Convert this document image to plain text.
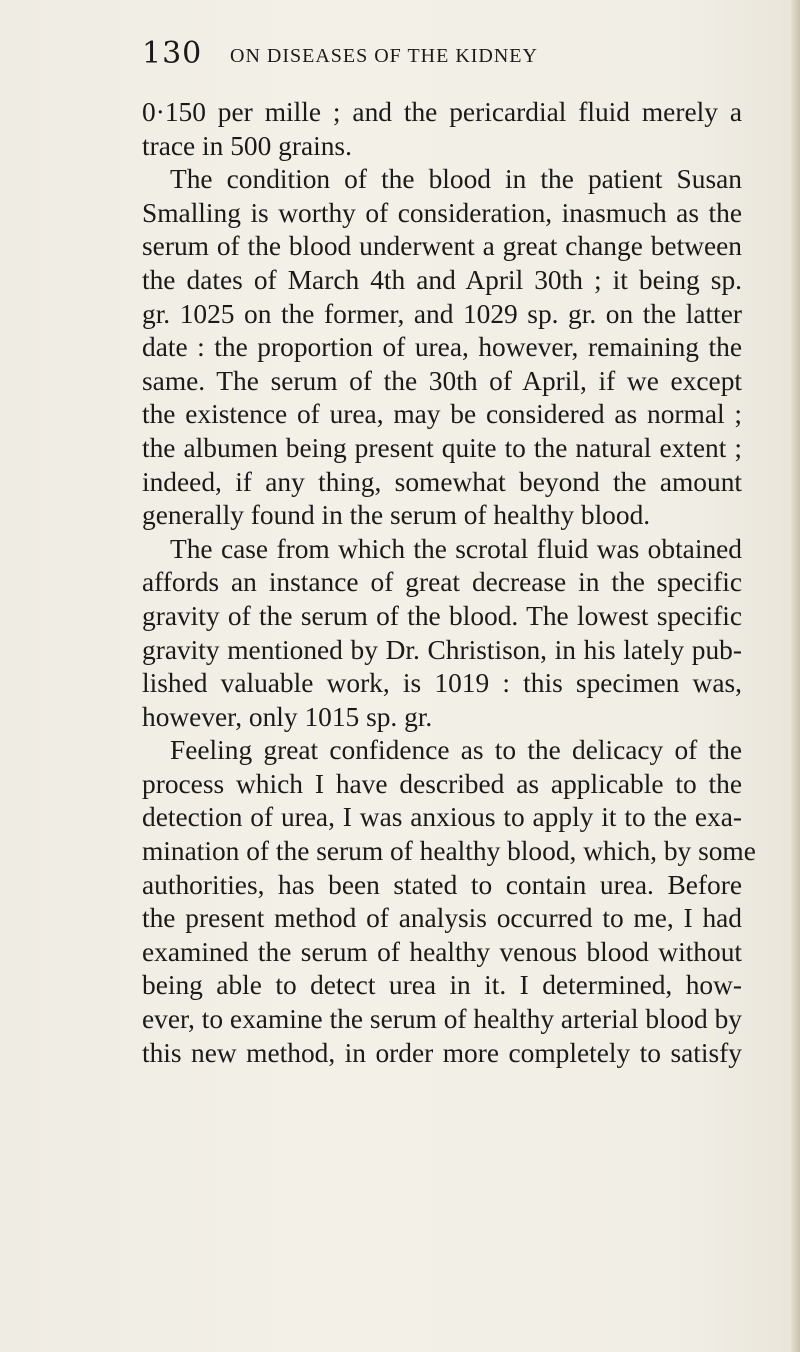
130 ON DISEASES OF THE KIDNEY
0·150 per mille ; and the pericardial fluid merely a
trace in 500 grains.
The condition of the blood in the patient Susan
Smalling is worthy of consideration, inasmuch as the
serum of the blood underwent a great change between
the dates of March 4th and April 30th ; it being sp.
gr. 1025 on the former, and 1029 sp. gr. on the latter
date : the proportion of urea, however, remaining the
same. The serum of the 30th of April, if we except
the existence of urea, may be considered as normal ;
the albumen being present quite to the natural extent ;
indeed, if any thing, somewhat beyond the amount
generally found in the serum of healthy blood.
The case from which the scrotal fluid was obtained
affords an instance of great decrease in the specific
gravity of the serum of the blood. The lowest specific
gravity mentioned by Dr. Christison, in his lately pub-
lished valuable work, is 1019 : this specimen was,
however, only 1015 sp. gr.
Feeling great confidence as to the delicacy of the
process which I have described as applicable to the
detection of urea, I was anxious to apply it to the exa-
mination of the serum of healthy blood, which, by some
authorities, has been stated to contain urea. Before
the present method of analysis occurred to me, I had
examined the serum of healthy venous blood without
being able to detect urea in it. I determined, how-
ever, to examine the serum of healthy arterial blood by
this new method, in order more completely to satisfy
